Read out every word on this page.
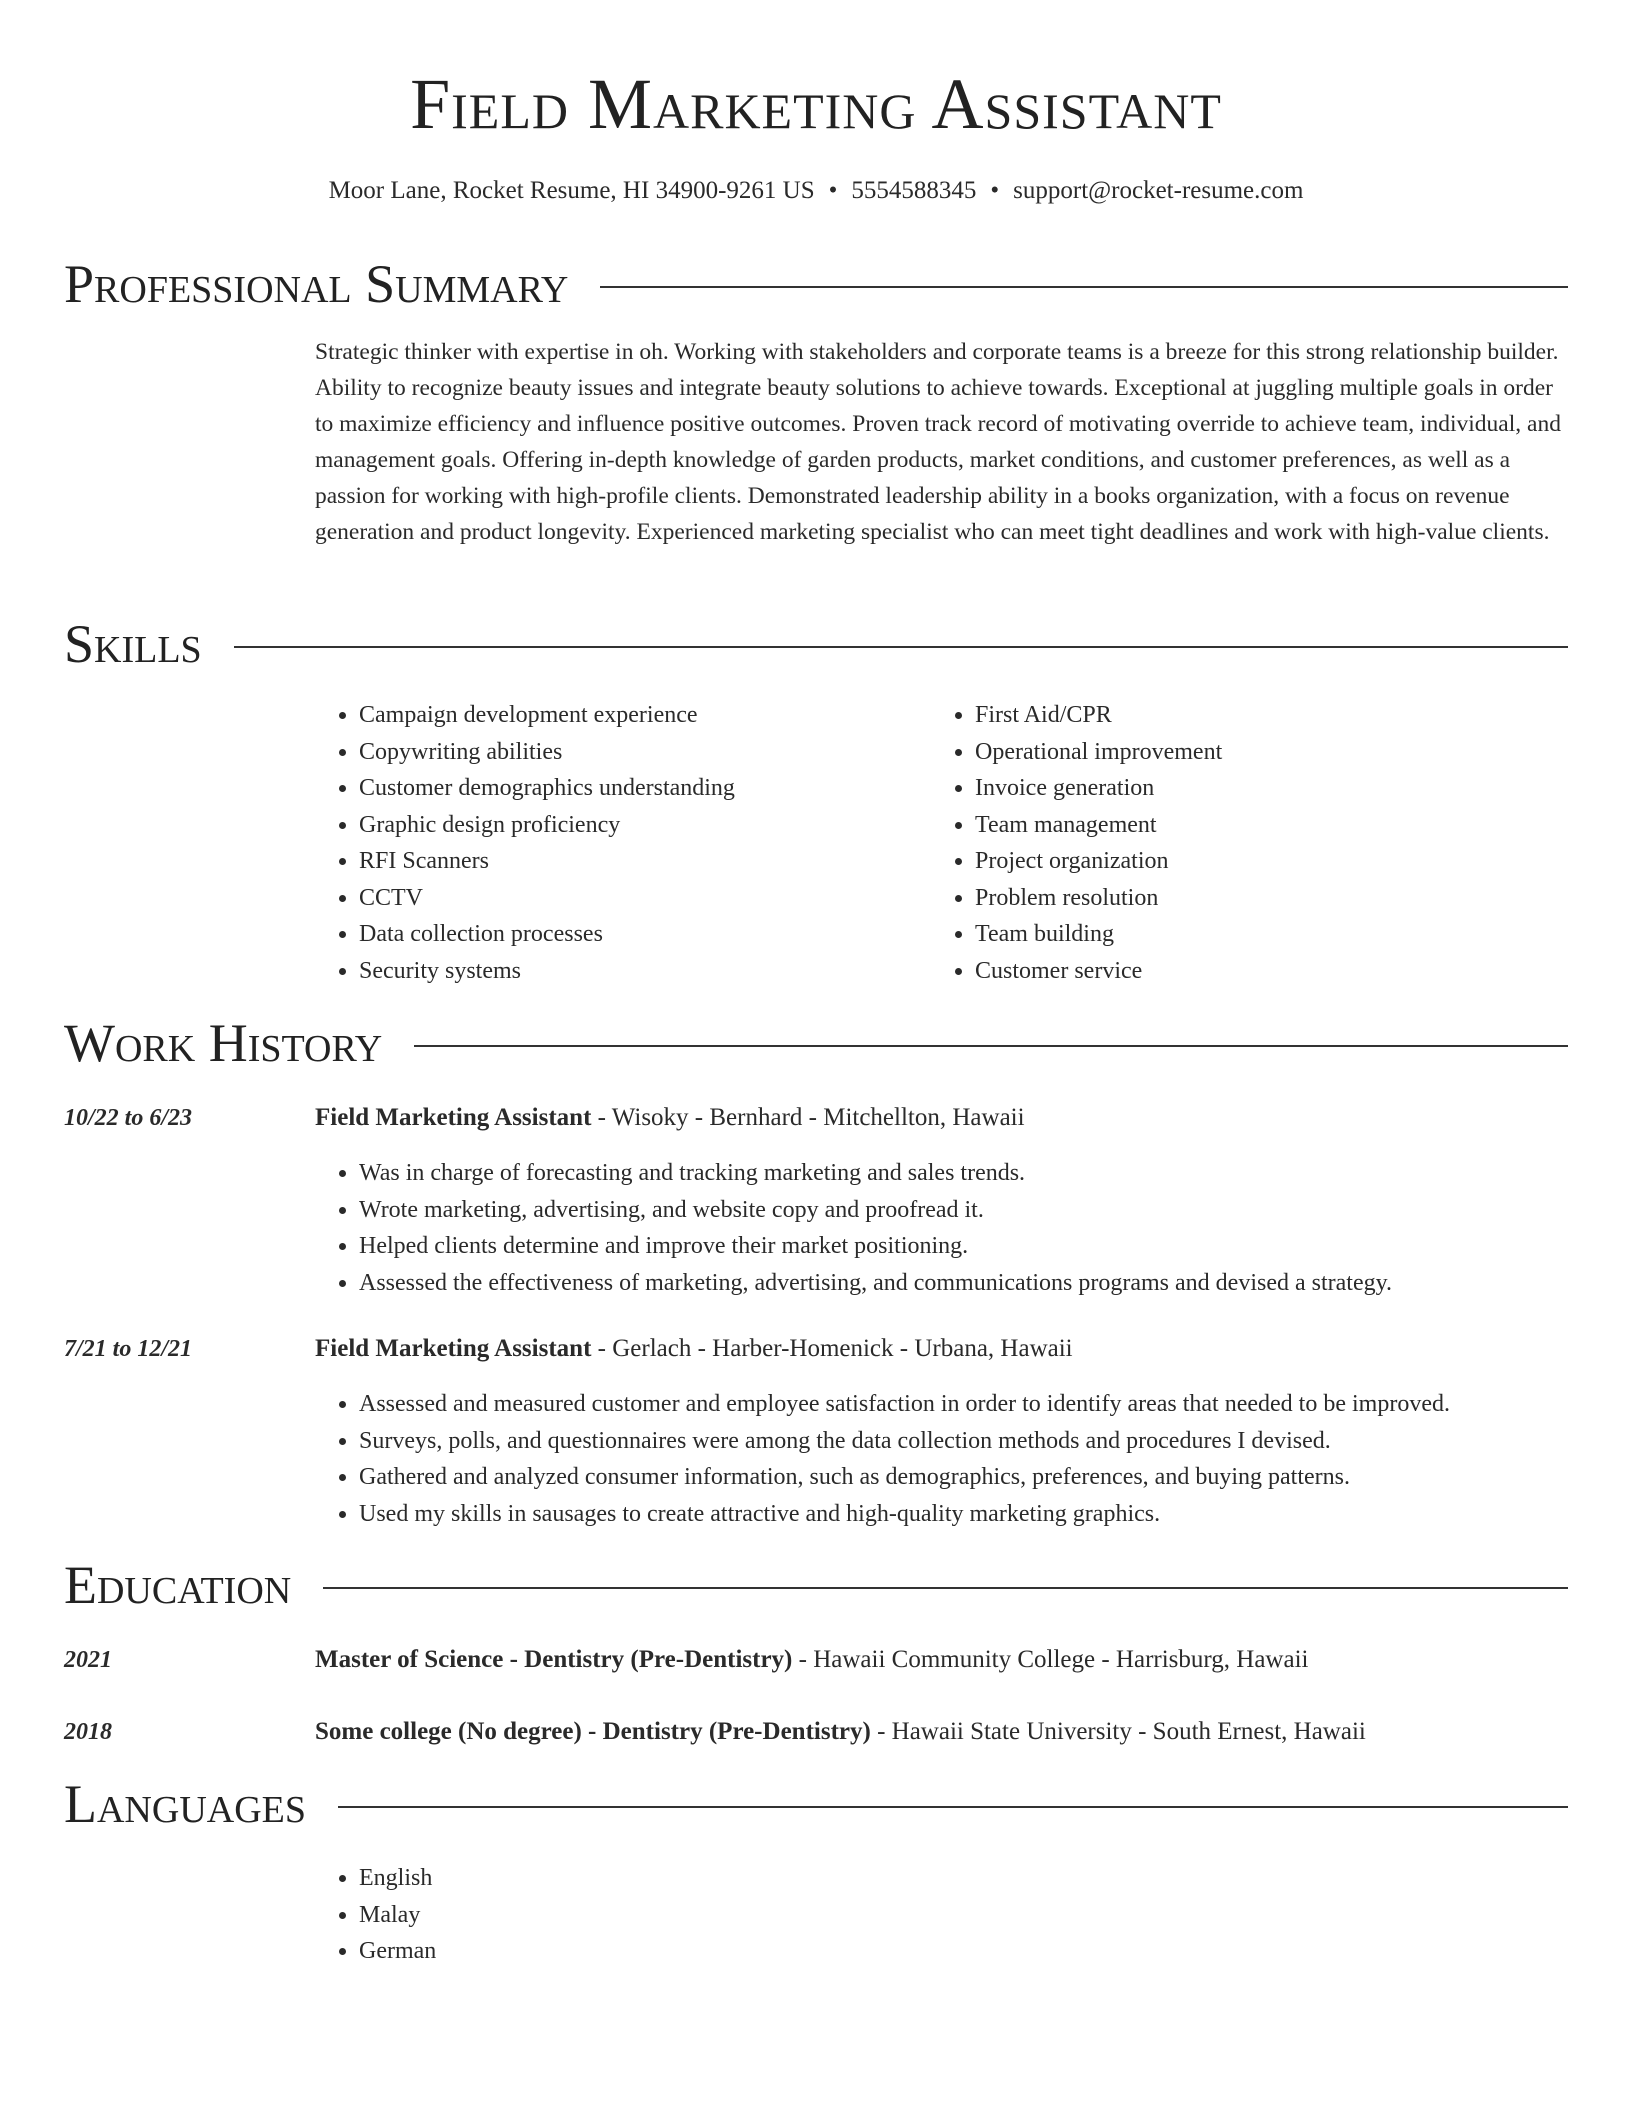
Field Marketing Assistant
Moor Lane, Rocket Resume, HI 34900-9261 US • 5554588345 • support@rocket-resume.com
Professional Summary
Strategic thinker with expertise in oh. Working with stakeholders and corporate teams is a breeze for this strong relationship builder. Ability to recognize beauty issues and integrate beauty solutions to achieve towards. Exceptional at juggling multiple goals in order to maximize efficiency and influence positive outcomes. Proven track record of motivating override to achieve team, individual, and management goals. Offering in-depth knowledge of garden products, market conditions, and customer preferences, as well as a passion for working with high-profile clients. Demonstrated leadership ability in a books organization, with a focus on revenue generation and product longevity. Experienced marketing specialist who can meet tight deadlines and work with high-value clients.
Skills
• Campaign development experience
• Copywriting abilities
• Customer demographics understanding
• Graphic design proficiency
• RFI Scanners
• CCTV
• Data collection processes
• Security systems
• First Aid/CPR
• Operational improvement
• Invoice generation
• Team management
• Project organization
• Problem resolution
• Team building
• Customer service
Work History
10/22 to 6/23	Field Marketing Assistant - Wisoky - Bernhard - Mitchellton, Hawaii
• Was in charge of forecasting and tracking marketing and sales trends.
• Wrote marketing, advertising, and website copy and proofread it.
• Helped clients determine and improve their market positioning.
• Assessed the effectiveness of marketing, advertising, and communications programs and devised a strategy.
7/21 to 12/21	Field Marketing Assistant - Gerlach - Harber-Homenick - Urbana, Hawaii
• Assessed and measured customer and employee satisfaction in order to identify areas that needed to be improved.
• Surveys, polls, and questionnaires were among the data collection methods and procedures I devised.
• Gathered and analyzed consumer information, such as demographics, preferences, and buying patterns.
• Used my skills in sausages to create attractive and high-quality marketing graphics.
Education
2021	Master of Science - Dentistry (Pre-Dentistry) - Hawaii Community College - Harrisburg, Hawaii
2018	Some college (No degree) - Dentistry (Pre-Dentistry) - Hawaii State University - South Ernest, Hawaii
Languages
• English
• Malay
• German
